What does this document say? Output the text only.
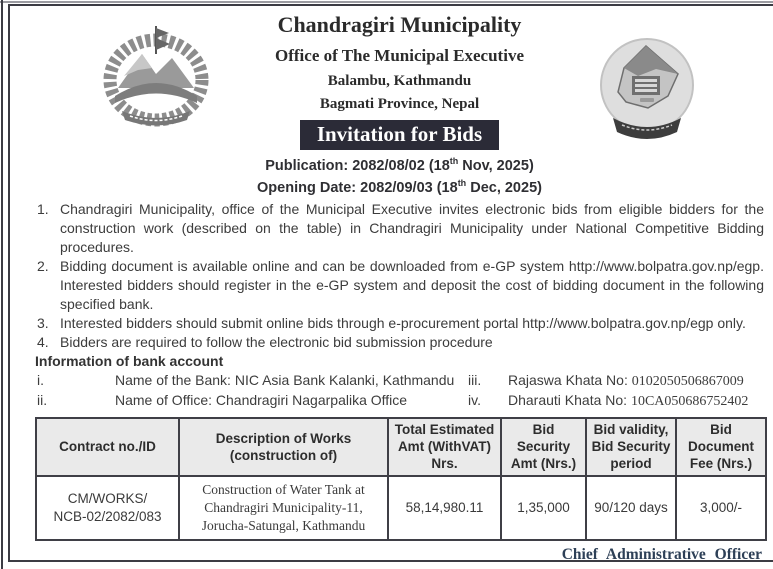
Chandragiri Municipality
Office of The Municipal Executive
Balambu, Kathmandu
Bagmati Province, Nepal
Invitation for Bids
Publication: 2082/08/02 (18th Nov, 2025)
Opening Date: 2082/09/03 (18th Dec, 2025)
1. Chandragiri Municipality, office of the Municipal Executive invites electronic bids from eligible bidders for the construction work (described on the table) in Chandragiri Municipality under National Competitive Bidding procedures.
2. Bidding document is available online and can be downloaded from e-GP system http://www.bolpatra.gov.np/egp. Interested bidders should register in the e-GP system and deposit the cost of bidding document in the following specified bank.
3. Interested bidders should submit online bids through e-procurement portal http://www.bolpatra.gov.np/egp only.
4. Bidders are required to follow the electronic bid submission procedure
Information of bank account
i.	Name of the Bank: NIC Asia Bank Kalanki, Kathmandu iii.	Rajaswa Khata No: 0102050506867009
ii.	Name of Office: Chandragiri Nagarpalika Office	iv.	Dharauti Khata No: 10CA050686752402
Contract no./ID	Description of Works (construction of)	Total Estimated Amt (WithVAT) Nrs.	Bid Security Amt (Nrs.)	Bid validity, Bid Security period	Bid Document Fee (Nrs.)

CM/WORKS/
NCB-02/2082/083	Construction of Water Tank at Chandragiri Municipality-11, Jorucha-Satungal, Kathmandu	58,14,980.11	1,35,000	90/120 days	3,000/-
Chief Administrative Officer
